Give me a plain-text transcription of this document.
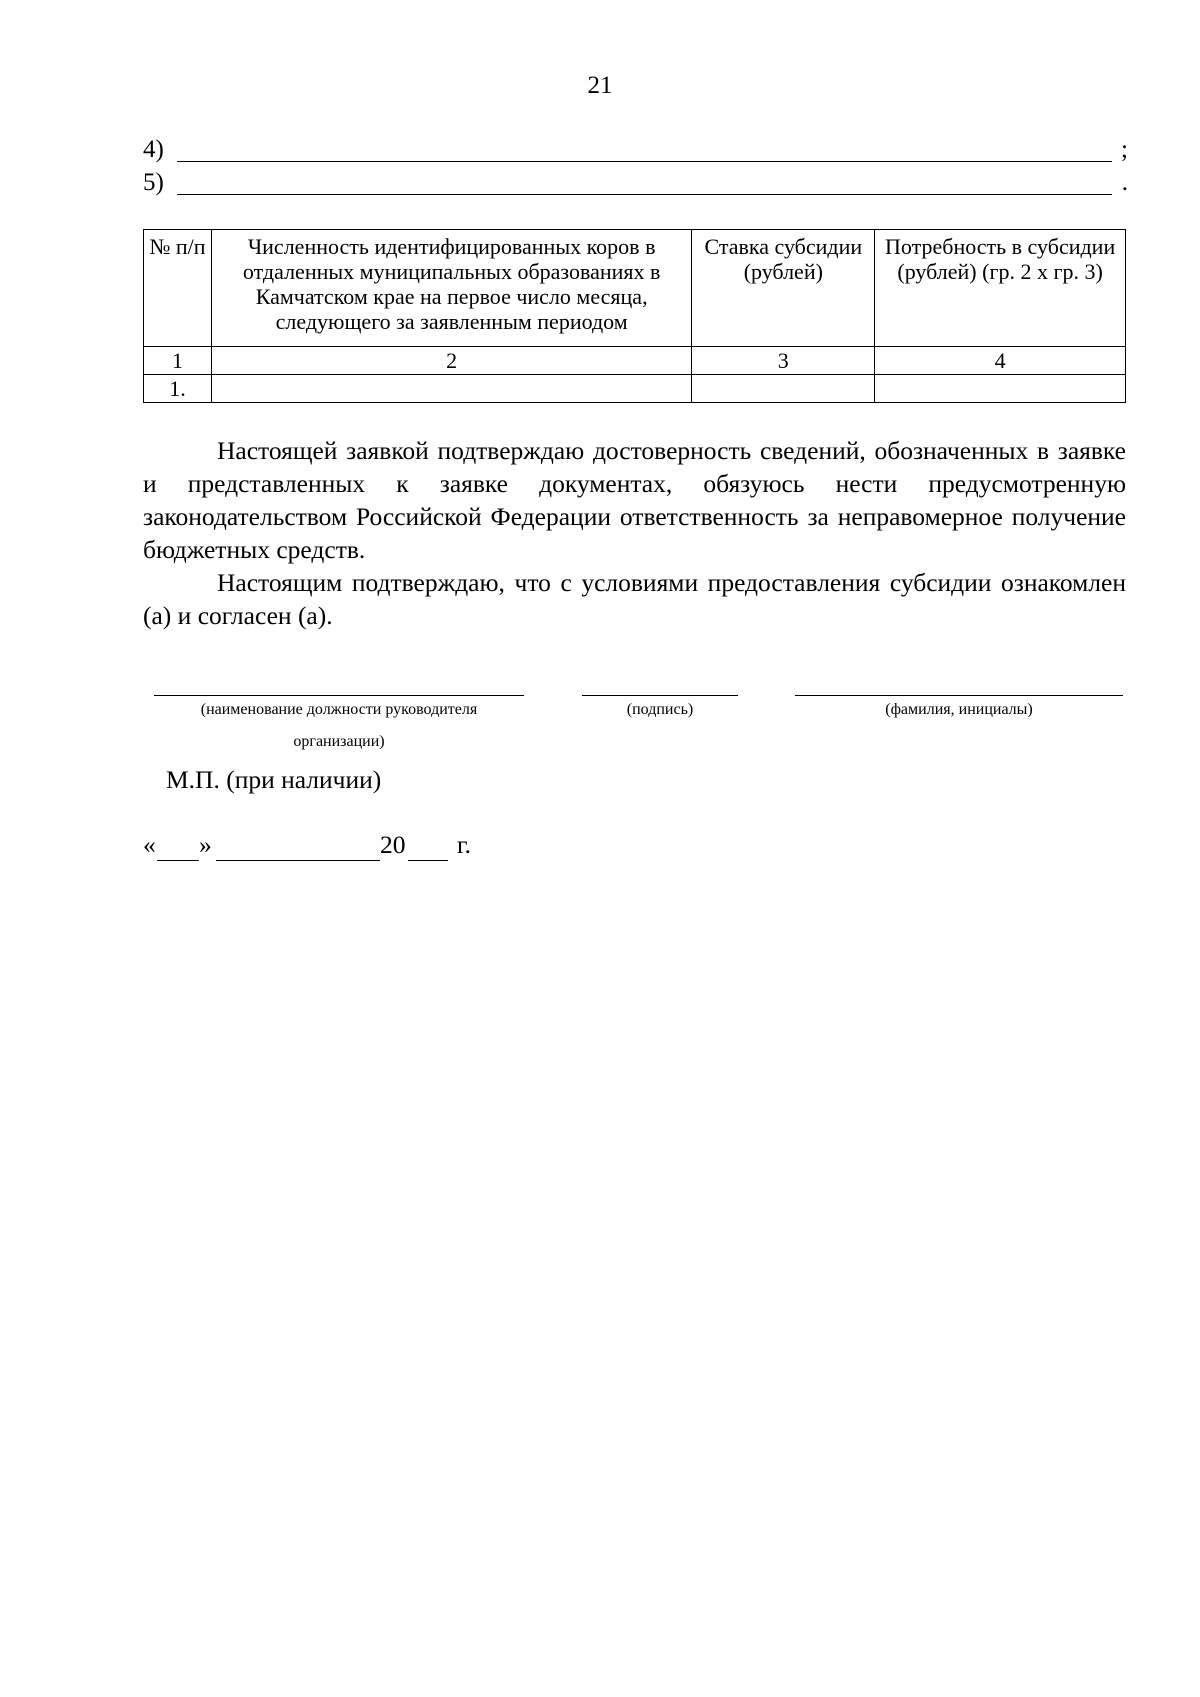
21
4)	;
5)	.
№ п/п	Численность идентифицированных коров в отдаленных муниципальных образованиях в Камчатском крае на первое число месяца, следующего за заявленным периодом	Ставка субсидии (рублей)	Потребность в субсидии (рублей) (гр. 2 х гр. 3)
1	2	3	4
1.			

Настоящей заявкой подтверждаю достоверность сведений, обозначенных в заявке и представленных к заявке документах, обязуюсь нести предусмотренную законодательством Российской Федерации ответственность за неправомерное получение бюджетных средств.

Настоящим подтверждаю, что с условиями предоставления субсидии ознакомлен (а) и согласен (а).

(наименование должности руководителя
организации)
(подпись)	(фамилия, инициалы)
М.П. (при наличии)
« »	20 г.
